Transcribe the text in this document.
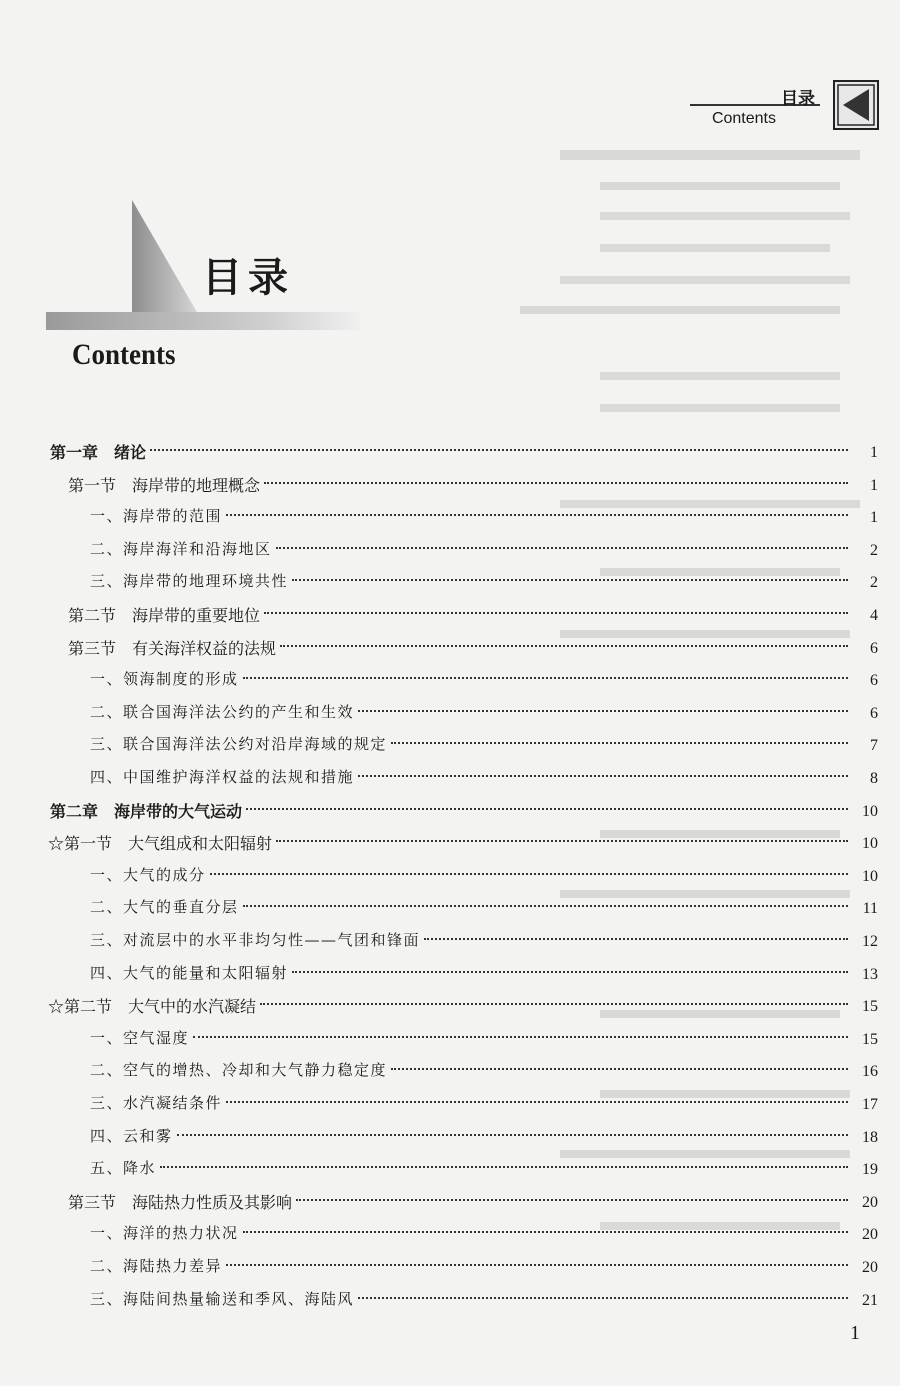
目录
Contents
目录
Contents
第一章　绪论	1
第一节　海岸带的地理概念	1
一、海岸带的范围	1
二、海岸海洋和沿海地区	2
三、海岸带的地理环境共性	2
第二节　海岸带的重要地位	4
第三节　有关海洋权益的法规	6
一、领海制度的形成	6
二、联合国海洋法公约的产生和生效	6
三、联合国海洋法公约对沿岸海域的规定	7
四、中国维护海洋权益的法规和措施	8
第二章　海岸带的大气运动	10
☆第一节　大气组成和太阳辐射	10
一、大气的成分	10
二、大气的垂直分层	11
三、对流层中的水平非均匀性——气团和锋面	12
四、大气的能量和太阳辐射	13
☆第二节　大气中的水汽凝结	15
一、空气湿度	15
二、空气的增热、冷却和大气静力稳定度	16
三、水汽凝结条件	17
四、云和雾	18
五、降水	19
第三节　海陆热力性质及其影响	20
一、海洋的热力状况	20
二、海陆热力差异	20
三、海陆间热量输送和季风、海陆风	21
1
